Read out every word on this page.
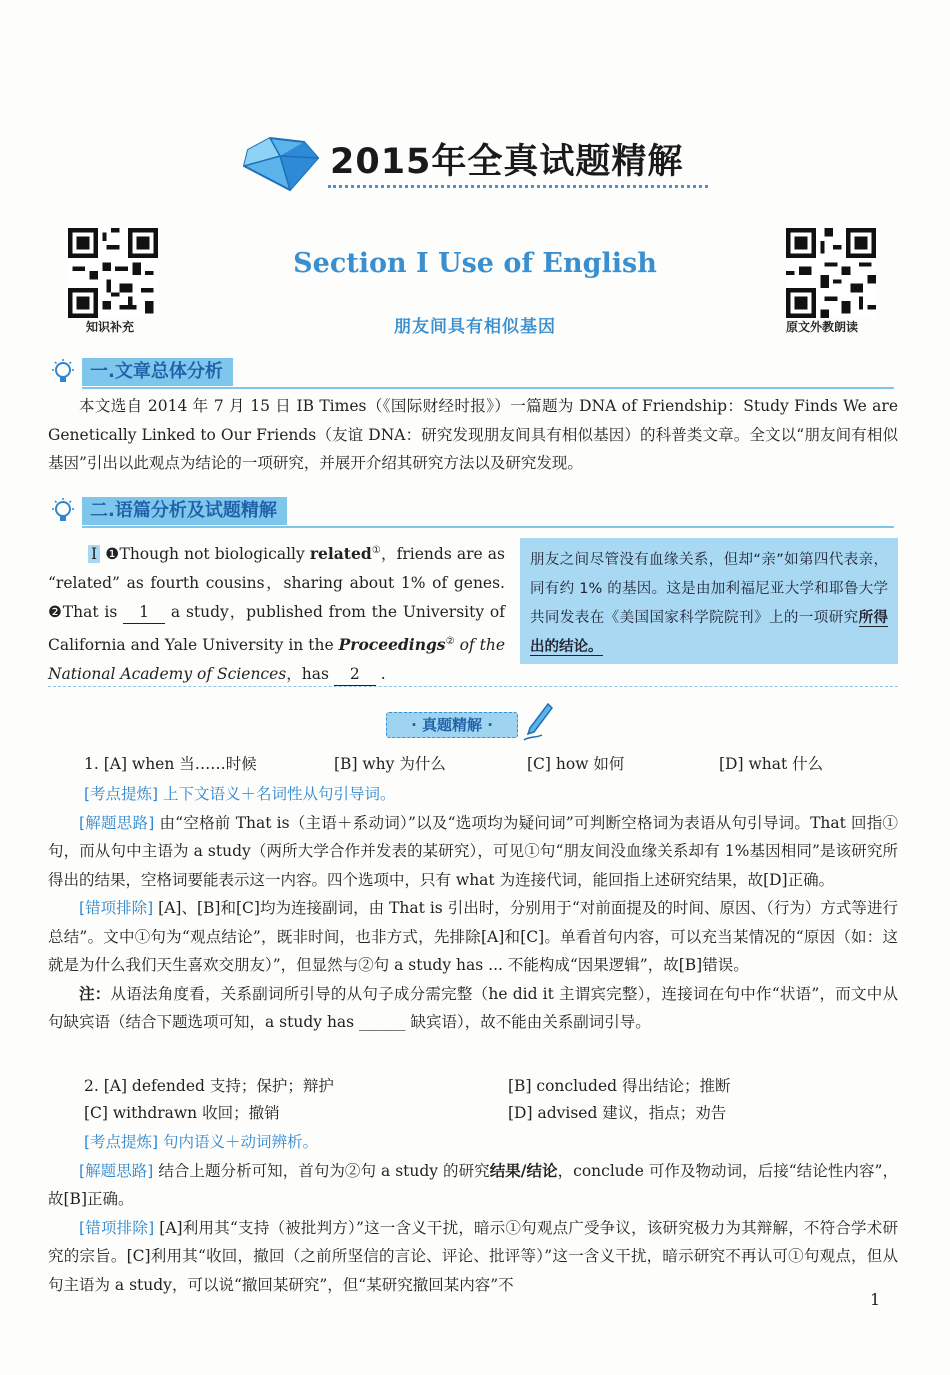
2015年全真试题精解
知识补充	原文外教朗读
Section Ⅰ Use of English
朋友间具有相似基因
一.文章总体分析

本文选自 2014 年 7 月 15 日 IB Times（《国际财经时报》）一篇题为 DNA of Friendship：Study Finds We are Genetically Linked to Our Friends（友谊 DNA：研究发现朋友间具有相似基因）的科普类文章。全文以“朋友间有相似基因”引出以此观点为结论的一项研究，并展开介绍其研究方法以及研究发现。

二.语篇分析及试题精解
Ⅰ ❶Though not biologically related①，friends are as “related” as fourth cousins，sharing about 1% of genes. ❷That is 1 a study，published from the University of California and Yale University in the Proceedings② of the National Academy of Sciences，has 2 .
朋友之间尽管没有血缘关系，但却“亲”如第四代表亲，同有约 1% 的基因。这是由加利福尼亚大学和耶鲁大学共同发表在《美国国家科学院院刊》上的一项研究所得出的结论。
· 真题精解 ·
1. [A] when 当……时候	[B] why 为什么	[C] how 如何	[D] what 什么
[考点提炼] 上下文语义＋名词性从句引导词。

[解题思路] 由“空格前 That is（主语＋系动词）”以及“选项均为疑问词”可判断空格词为表语从句引导词。That 回指①句，而从句中主语为 a study（两所大学合作并发表的某研究），可见①句“朋友间没血缘关系却有 1%基因相同”是该研究所得出的结果，空格词要能表示这一内容。四个选项中，只有 what 为连接代词，能回指上述研究结果，故[D]正确。

[错项排除] [A]、[B]和[C]均为连接副词，由 That is 引出时，分别用于“对前面提及的时间、原因、（行为）方式等进行总结”。文中①句为“观点结论”，既非时间，也非方式，先排除[A]和[C]。单看首句内容，可以充当某情况的“原因（如：这就是为什么我们天生喜欢交朋友）”，但显然与②句 a study has ... 不能构成“因果逻辑”，故[B]错误。

注：从语法角度看，关系副词所引导的从句子成分需完整（he did it 主谓宾完整），连接词在句中作“状语”，而文中从句缺宾语（结合下题选项可知，a study has ______ 缺宾语），故不能由关系副词引导。

2. [A] defended 支持；保护；辩护	[B] concluded 得出结论；推断
[C] withdrawn 收回；撤销	[D] advised 建议，指点；劝告
[考点提炼] 句内语义＋动词辨析。

[解题思路] 结合上题分析可知，首句为②句 a study 的研究结果/结论，conclude 可作及物动词，后接“结论性内容”，故[B]正确。

[错项排除] [A]利用其“支持（被批判方）”这一含义干扰，暗示①句观点广受争议，该研究极力为其辩解，不符合学术研究的宗旨。[C]利用其“收回，撤回（之前所坚信的言论、评论、批评等）”这一含义干扰，暗示研究不再认可①句观点，但从句主语为 a study，可以说“撤回某研究”，但“某研究撤回某内容”不

1
